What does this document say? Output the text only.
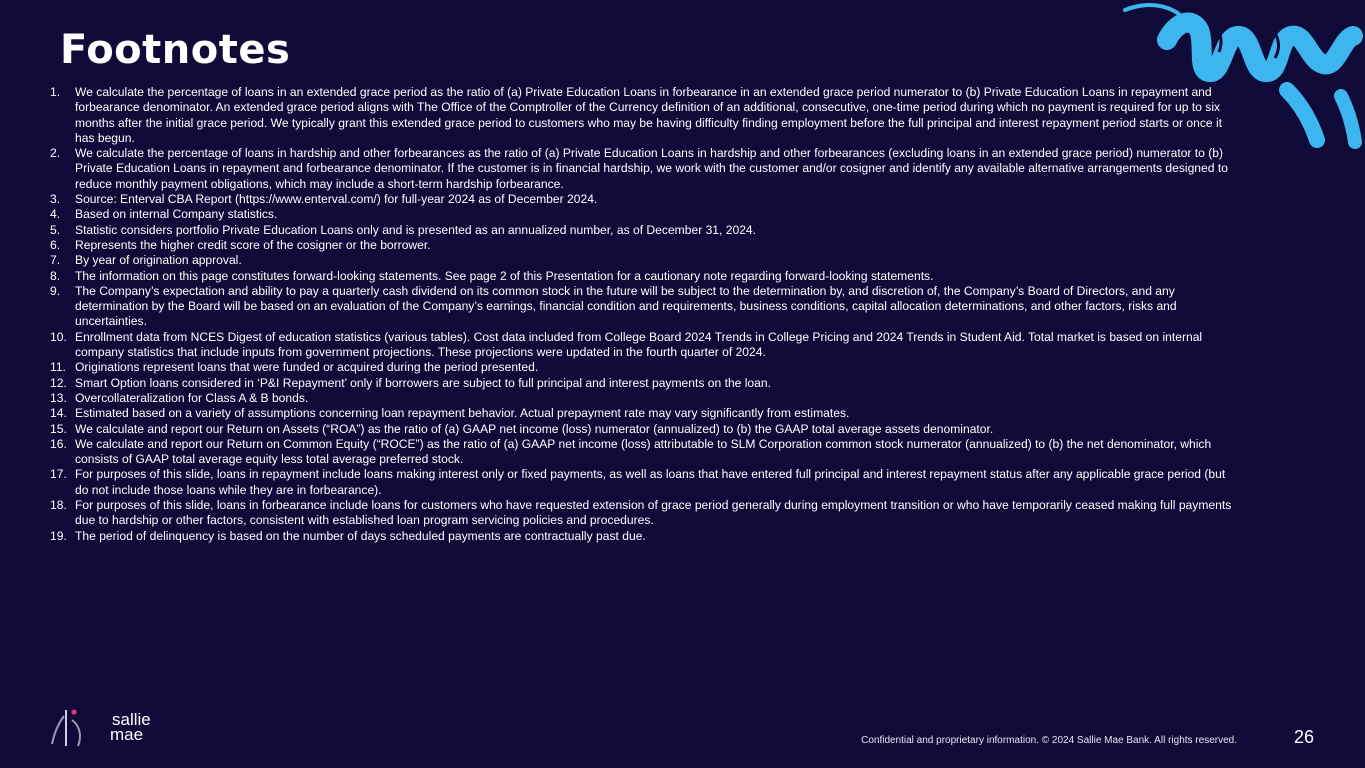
Footnotes
1. We calculate the percentage of loans in an extended grace period as the ratio of (a) Private Education Loans in forbearance in an extended grace period numerator to (b) Private Education Loans in repayment and forbearance denominator. An extended grace period aligns with The Office of the Comptroller of the Currency definition of an additional, consecutive, one-time period during which no payment is required for up to six months after the initial grace period. We typically grant this extended grace period to customers who may be having difficulty finding employment before the full principal and interest repayment period starts or once it has begun.
2. We calculate the percentage of loans in hardship and other forbearances as the ratio of (a) Private Education Loans in hardship and other forbearances (excluding loans in an extended grace period) numerator to (b) Private Education Loans in repayment and forbearance denominator. If the customer is in financial hardship, we work with the customer and/or cosigner and identify any available alternative arrangements designed to reduce monthly payment obligations, which may include a short-term hardship forbearance.
3. Source: Enterval CBA Report (https://www.enterval.com/) for full-year 2024 as of December 2024.
4. Based on internal Company statistics.
5. Statistic considers portfolio Private Education Loans only and is presented as an annualized number, as of December 31, 2024.
6. Represents the higher credit score of the cosigner or the borrower.
7. By year of origination approval.
8. The information on this page constitutes forward-looking statements. See page 2 of this Presentation for a cautionary note regarding forward-looking statements.
9. The Company’s expectation and ability to pay a quarterly cash dividend on its common stock in the future will be subject to the determination by, and discretion of, the Company’s Board of Directors, and any determination by the Board will be based on an evaluation of the Company’s earnings, financial condition and requirements, business conditions, capital allocation determinations, and other factors, risks and uncertainties.
10. Enrollment data from NCES Digest of education statistics (various tables). Cost data included from College Board 2024 Trends in College Pricing and 2024 Trends in Student Aid. Total market is based on internal company statistics that include inputs from government projections. These projections were updated in the fourth quarter of 2024.
11. Originations represent loans that were funded or acquired during the period presented.
12. Smart Option loans considered in ‘P&I Repayment’ only if borrowers are subject to full principal and interest payments on the loan.
13. Overcollateralization for Class A & B bonds.
14. Estimated based on a variety of assumptions concerning loan repayment behavior. Actual prepayment rate may vary significantly from estimates.
15. We calculate and report our Return on Assets (“ROA”) as the ratio of (a) GAAP net income (loss) numerator (annualized) to (b) the GAAP total average assets denominator.
16. We calculate and report our Return on Common Equity (“ROCE”) as the ratio of (a) GAAP net income (loss) attributable to SLM Corporation common stock numerator (annualized) to (b) the net denominator, which consists of GAAP total average equity less total average preferred stock.
17. For purposes of this slide, loans in repayment include loans making interest only or fixed payments, as well as loans that have entered full principal and interest repayment status after any applicable grace period (but do not include those loans while they are in forbearance).
18. For purposes of this slide, loans in forbearance include loans for customers who have requested extension of grace period generally during employment transition or who have temporarily ceased making full payments due to hardship or other factors, consistent with established loan program servicing policies and procedures.
19. The period of delinquency is based on the number of days scheduled payments are contractually past due.
sallie
mae	Confidential and proprietary information. © 2024 Sallie Mae Bank. All rights reserved.	26
